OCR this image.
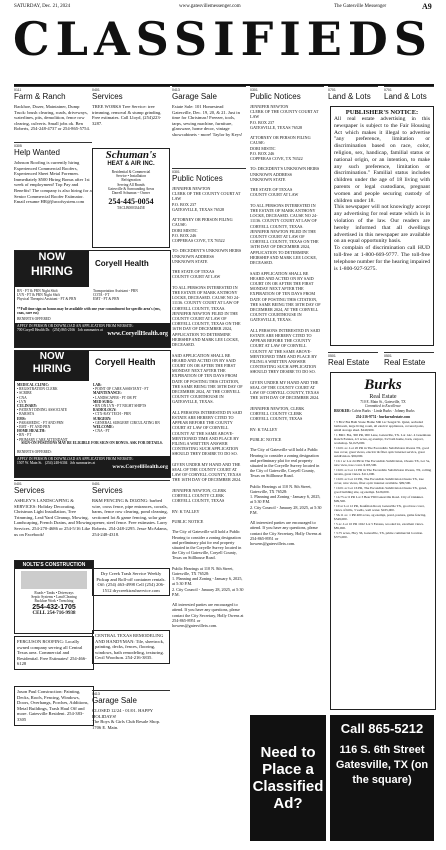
SATURDAY, Dec. 21, 2024	www.gatesvillemessenger.com	The Gatesville Messenger	A9
CLASSIFIEDS
0111
Farm & Ranch
Backhoe, Dozer, Maintainer, Dump Truck: brush clearing, roads, driveways, waterlines, pits, demolition, fence row clearing, culverts. Small jobs ok. Ben Roberts, 254-248-4737 or 254-865-5754.
0305
Help Wanted
Johnson Roofing is currently hiring Experienced Commercial Roofers, Experienced Sheet Metal Foremen. Immediately $500 Hiring Bonus after 1st week of employment! Top Pay and Benefits! The company is also hiring for a Senior Commercial Roofer Estimator. Email resume HR@jhroofsystem.com
NOW
HIRING
Coryell Health
RN - FT & PRN Night Shift
LVN - FT & PRN Night Shift
Physical Therapist Assistant - FT & PRN
Transportation Assistant - PRN
COTA - FT
EMT - FT & PRN
**Full time sign on bonus may be available with one year commitment for specific area's (rns, cnas, care ess)
BENEFITS OFFERED
APPLY IN PERSON OR DOWNLOAD AN APPLICATION FROM WEBSITE:
700 Coryell Health Dr. (254) 865-2166 Job summaries at
www.CoryellHealth.org
NOW
HIRING
Coryell Health
MEDICAL CLINIC:
• REGISTRATION CLERK
• SCRIBE
• CNA
• LVN
CULINARY:
• PATIENT DINING ASSOCIATE
• BARISTA
EMS:
• PARAMEDIC - FT AND PRN
• EMT - FT AND PRN
HOME HEALTH:
• RN - FT
• PRIMARY CARE ATTENDANT
LAB:
• POINT OF CARE ASSISTANT - FT
MAINTENANCE:
• LANDSCAPER - FT OR PT
MED SURG:
• RN ON LVN - FT NIGHT SHIFTS
RADIOLOGY:
• CTX-RAY TECH - PRN
SURGERY:
• GENERAL SURGERY CIRCULATING RN
WELCOME:
• CNA - FT
SIGN-ON POSITIONS MAY BE ELIGIBLE FOR SIGN ON BONUS. ASK FOR DETAILS.
BENEFITS OFFERED:
APPLY IN PERSON OR DOWNLOAD AN APPLICATION FROM WEBSITE:
1507 W. Main St. (254) 248-6304 Job summaries at
www.CoryellHealth.org
0401
Services
ASHLEY'S LANDSCAPING & SERVICES: Holiday Decorating, Christmas Light Installation, Tree Trimming, Leaf/Yard Cleanup, Mowing, Landscaping, French Drains, and Mowing Services. 254-270-4686 or 254-5/16 Like us on Facebook!
NOLTE'S CONSTRUCTION
Roads • Tanks • Driveways
Septic Systems • Land Clearing
Backhoe Work • Trenching
254-432-1705
CELL 254-716-9938
FERGUSON ROOFING: Locally owned company serving all Central Texas area. Commercial and Residential. Free Estimates! 254-466-6128
Jason Paul Construction: Painting, Decks, Roofs, Fencing, Windows, Doors, Overhangs, Porches, Additions, Metal Buildings, Trash Haul Off and more. Gatesville Resident. 254-383-3305
0401
Services
TREE WORKS Tree Service: tree trimming, removal & stump grinding. Free estimates. Call Lloyd, (254)223-3287.
Schuman's
HEAT & AIR INC.
Residential & Commercial
Service • Installation
Refrigeration
Serving All Brands
Gatesville & Surrounding Areas
Darrell Schuman ~ Owner
254-445-0054
TACLB00033445E
0401
Services
R&M FENCING & DOZING: barbed wire, cross fence, pipe entrances, corrals, barns, fence row clearing, pond cleaning, sectioned lot & game fencing, solar gate opener, steel fence. Free estimates. Larry Roberts. 254-248-2295. Jesse McAdams, 254-248-4318.
Dry Creek Trash Service Weekly Pickup and Roll-off container rentals. Off: (254) 463-4998 Cell (254) 206-1512 drycreektrashservice.com
CENTRAL TEXAS REMODELING AND HANDYMAN: Tile, sheetrock, painting, decks, fences, flooring, windows, bath remodeling, texturing. Cecil Woodson. 254-216-3835.
0413
Garage Sale
CLOSED 12/24 - 01/01. HAPPY HOLIDAYS!
The Boys & Girls Club Resale Shop. 1706 E. Main.
0413
Garage Sale
Estate Sale: 101 Homestead Gatesville, Dec. 19, 20, & 21. Just in time for Christmas! Freezer, tools, tarps, sewing machine, furniture, glassware, home decor, vintage showcabinets - more! Taylor by Keys!
0301
Public Notices
0301
Public Notices
JENNIFER NEWTON
CLERK OF THE COUNTY COURT AT LAW
P.O. BOX 237
GATESVILLE, TEXAS 76528

ATTORNEY OR PERSON FILING CAUSE:
DORI MISTIC
P.O. BOX 246
COPPERAS COVE, TX 76522

TO: DECEDENT'S UNKNOWN HEIRS
UNKNOWN ADDRESS
UNKNOWN STATE

THE STATE OF TEXAS
COUNTY COURT AT LAW

TO ALL PERSONS INTERESTED IN THE ESTATE OF MARK ANTHONY LOCKE, DECEASED. CAUSE NO 24-11136. COUNTY COURT AT LAW OF CORYELL COUNTY, TEXAS. JENNIFER NEWTON FILED IN THE COUNTY COURT AT LAW OF CORYELL COUNTY, TEXAS ON THE 16TH DAY OF DECEMBER 2024, APPLICATION TO DETERMINE HEIRSHIP AND MARK LEE LOCKE, DECEASED.

SAID APPLICATION SHALL BE HEARD AND ACTED ON BY SAID COURT ON OR AFTER THE FIRST MONDAY NEXT AFTER THE EXPIRATION OF TEN DAYS FROM DATE OF POSTING THIS CITATION, THE SAME BEING THE 30TH DAY OF DECEMBER 2024, AT THE CORYELL COUNTY COURTHOUSE IN GATESVILLE, TEXAS.

ALL PERSONS INTERESTED IN SAID ESTATE ARE HEREBY CITED TO APPEAR BEFORE THE COUNTY COURT AT LAW OF CORYELL COUNTY AT THE SAME ABOVE-MENTIONED TIME AND PLACE BY FILING A WRITTEN ANSWER CONTESTING SUCH APPLICATION SHOULD THEY DESIRE TO DO SO.

GIVEN UNDER MY HAND AND THE SEAL OF THE COUNTY COURT AT LAW OF CORYELL COUNTY, TEXAS THE 16TH DAY OF DECEMBER 2024.

JENNIFER NEWTON, CLERK
CORYELL COUNTY CLERK
CORYELL COUNTY, TEXAS

BY: K TALLEY

PUBLIC NOTICE

The City of Gatesville will hold a Public Hearing to consider a zoning designation and preliminary plat for real property situated in the Coryelle Survey located in the City of Gatesville, Coryell County, Texas on Stillhouse Road.

Public Hearings at 110 N. 8th Street, Gatesville, TX 76528:
1. Planning and Zoning - January 6, 2025, at 5:30 P.M.
2. City Council - January 28, 2025, at 5:30 P.M.

All interested parties are encouraged to attend. If you have any questions, please contact the City Secretary, Holly Owens at 254-865-8951 or howens@gatesvilletx.com.
JENNIFER NEWTON
CLERK OF THE COUNTY COURT AT LAW
P.O. BOX 237
GATESVILLE, TEXAS 76528

ATTORNEY OR PERSON FILING CAUSE:
DORI MISTIC
P.O. BOX 246
COPPERAS COVE, TX 76522

TO: DECEDENT'S UNKNOWN HEIRS
UNKNOWN ADDRESS
UNKNOWN STATE

THE STATE OF TEXAS
COUNTY COURT AT LAW

TO ALL PERSONS INTERESTED IN THE ESTATE OF MARK ANTHONY LOCKE, DECEASED. CAUSE NO 24-11136. COUNTY COURT AT LAW OF CORYELL COUNTY, TEXAS. JENNIFER NEWTON FILED IN THE COUNTY COURT AT LAW OF CORYELL COUNTY, TEXAS ON THE 16TH DAY OF DECEMBER 2024, APPLICATION TO DETERMINE HEIRSHIP AND MARK LEE LOCKE, DECEASED.

SAID APPLICATION SHALL BE HEARD AND ACTED ON BY SAID COURT ON OR AFTER THE FIRST MONDAY NEXT AFTER THE EXPIRATION OF TEN DAYS FROM DATE OF POSTING THIS CITATION, THE SAME BEING THE 30TH DAY OF DECEMBER 2024, AT THE CORYELL COUNTY COURTHOUSE IN GATESVILLE, TEXAS.

ALL PERSONS INTERESTED IN SAID ESTATE ARE HEREBY CITED TO APPEAR BEFORE THE COUNTY COURT AT LAW OF CORYELL COUNTY AT THE SAME ABOVE-MENTIONED TIME AND PLACE BY FILING A WRITTEN ANSWER CONTESTING SUCH APPLICATION SHOULD THEY DESIRE TO DO SO.

GIVEN UNDER MY HAND AND THE SEAL OF THE COUNTY COURT AT LAW OF CORYELL COUNTY, TEXAS THE 16TH DAY OF DECEMBER 2024.

JENNIFER NEWTON, CLERK
CORYELL COUNTY CLERK
CORYELL COUNTY, TEXAS

BY: K TALLEY

PUBLIC NOTICE

The City of Gatesville will hold a Public Hearing to consider a zoning designation and preliminary plat for real property situated in the Coryelle Survey located in the City of Gatesville, Coryell County, Texas on Stillhouse Road.

Public Hearings at 110 N. 8th Street, Gatesville, TX 76528:
1. Planning and Zoning - January 6, 2025, at 5:30 P.M.
2. City Council - January 28, 2025, at 5:30 P.M.

All interested parties are encouraged to attend. If you have any questions, please contact the City Secretary, Holly Owens at 254-865-8951 or howens@gatesvilletx.com.
0701
Land & Lots
0701
Land & Lots
PUBLISHER'S NOTICE:
All real estate advertising in this newspaper is subject to the Fair Housing Act which makes it illegal to advertise "any preference, limitation or discrimination based on race, color, religion, sex, handicap, familial status or national origin, or an intention, to make any such preference, limitation or discrimination." Familial status includes children under the age of 18 living with parents or legal custodians, pregnant women and people securing custody of children under 18.
This newspaper will not knowingly accept any advertising for real estate which is in violation of the law. Our readers are hereby informed that all dwellings advertised in this newspaper are available on an equal opportunity basis.
To complain of discrimination call HUD toll-free at 1-800-669-9777. The toll-free telephone number for the hearing impaired is 1-800-927-9275.
0501
Real Estate
0501
Real Estate
Burks
Real Estate
710 E. Main St., Gatesville, TX
Committed to Excellence
BROKER: Calvin Burks · Linda Burks · Johnny Burks
254-216-9774 · burksrealestate.com
• 3 Br/2 BA Bath Stone Home SIR 1ac Seagal St. Quiet, secluded bathroom, large living room, all electric appliances, covered patio, small storage shed. $249,900.
• 1 BR/1 BA, 300 PR, 900 Lane, Gatesville, TX. Lot 1Ac. 4 Greenhaus Ranch Estates, 4.5 acres, ag exempt, 3/2 bath home, barn, carport, workshop. $1,025,000.
• 10.01 ac. Lot 20 PR in The Escondido Subdivision Owens TX, good tree cover, great views, electric & fiber optic internet service, great subdivision. $90,000.
• 10.1 ac Lot 24 PR in The Escondido Subdivision, Owens TX, Lot 5a, nice view, tree cover. $103,500.
• 10.01 ac Lot 12 PR in The Escondido Subdivision Owens, TX, rolling terrain, great views. $111,000.
• 10.01 ac Lot 10 PR, The Escondido Subdivision Owens TX, tree cover, nice views, fiber optic internet available. $99,500.
• 10.01 ac Lot 16 PR, The Escondido Subdivision Owens TX, gated, good building site, ag exempt. $126,000.
• 14.75 ac 6 PR Lot 3 Bear Hill Gatesville Road. City of Oakkner. $99,500.
• 10 ac Lot 12 PR, Kaufman Road, Gatesville TX, good tree cover, views of hills, 3 wells, well water. $165,000.
• 56.11 ac. 1 PR 400 acres, ag exempt, pond, pasture, game fencing. $549,000.
• 5 ac. Lot 10 PR 1022 Lot 5 Estates, wooded lot, excellent views. $85,000.
• 3.75 acres, Hwy 36, Gatesville, TX, prime commercial location. $375,000.
Need to Place a Classified Ad?
Call 865-5212
116 S. 6th Street Gatesville, TX (on the square)
